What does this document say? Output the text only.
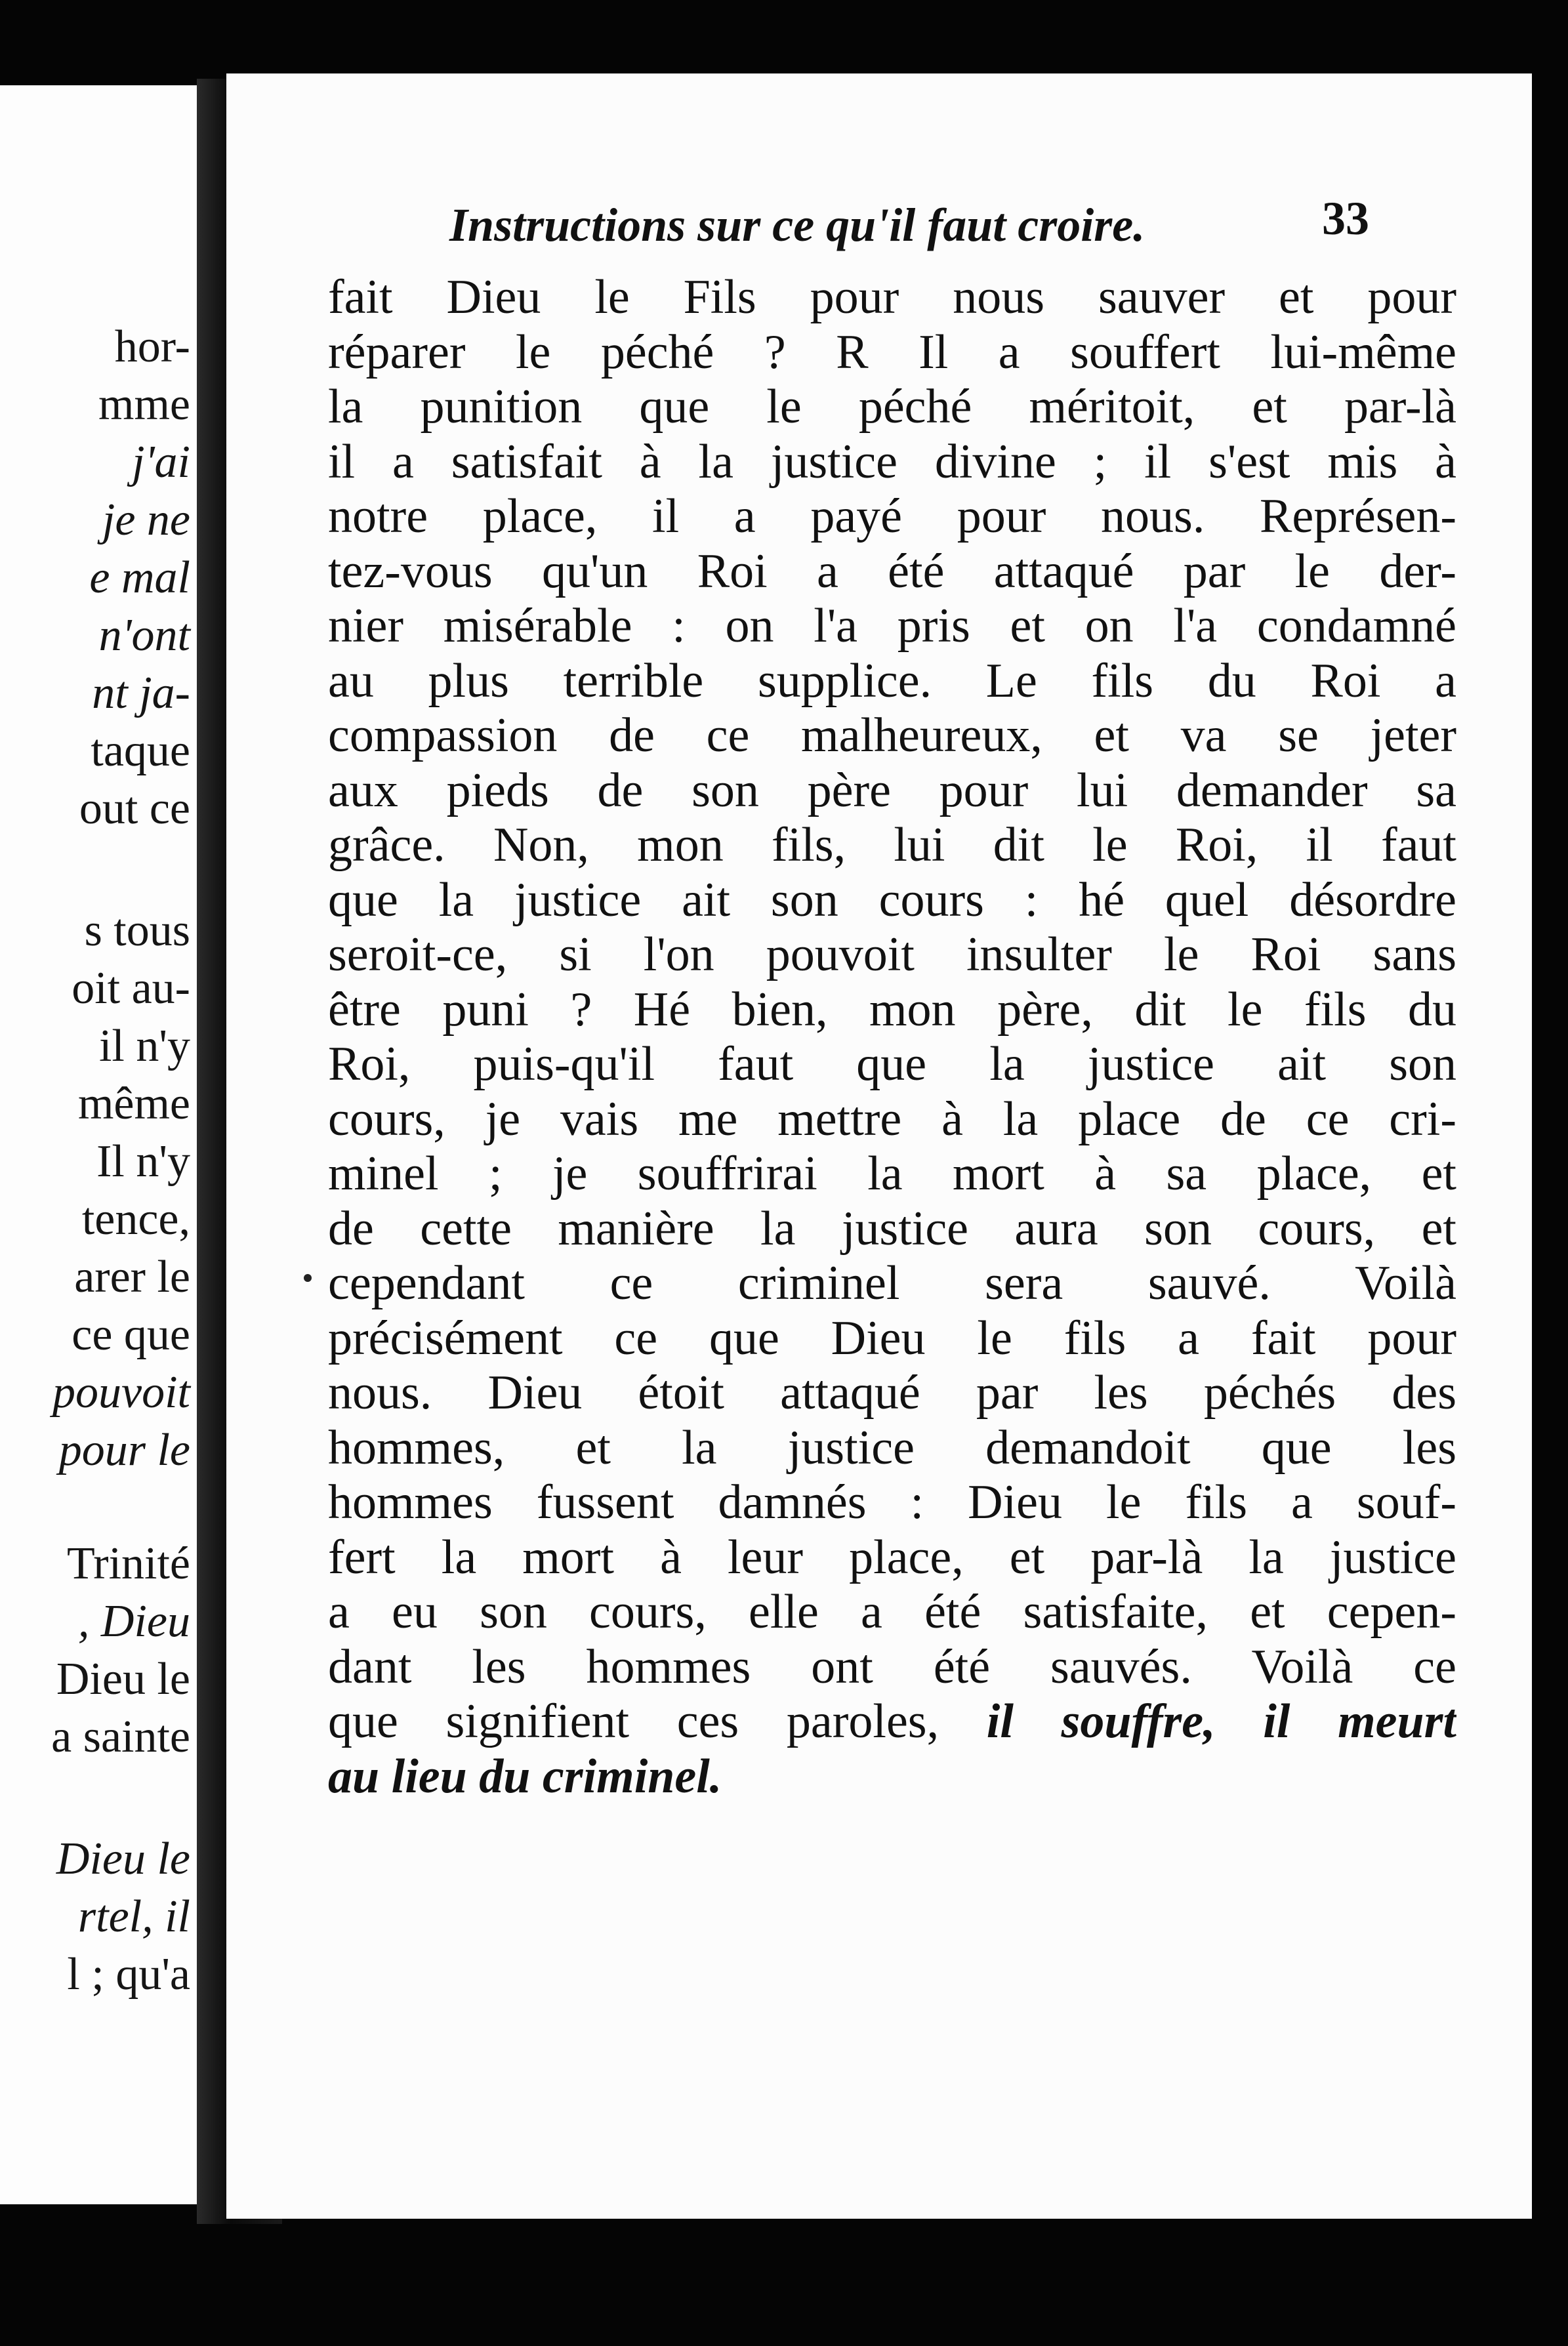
hor-
mme
j'ai
je ne
e mal
n'ont
nt ja-
taque
out ce
s tous
oit au-
il n'y
même
Il n'y
tence,
arer le
ce que
pouvoit
pour le
Trinité
, Dieu
Dieu le
a sainte
Dieu le
rtel, il
l ; qu'a
Instructions sur ce qu'il faut croire.	33
fait Dieu le Fils pour nous sauver et pour
réparer le péché ? R Il a souffert lui-même
la punition que le péché méritoit, et par-là
il a satisfait à la justice divine ; il s'est mis à
notre place, il a payé pour nous. Représen-
tez-vous qu'un Roi a été attaqué par le der-
nier misérable : on l'a pris et on l'a condamné
au plus terrible supplice. Le fils du Roi a
compassion de ce malheureux, et va se jeter
aux pieds de son père pour lui demander sa
grâce. Non, mon fils, lui dit le Roi, il faut
que la justice ait son cours : hé quel désordre
seroit-ce, si l'on pouvoit insulter le Roi sans
être puni ? Hé bien, mon père, dit le fils du
Roi, puis-qu'il faut que la justice ait son
cours, je vais me mettre à la place de ce cri-
minel ; je souffrirai la mort à sa place, et
de cette manière la justice aura son cours, et
cependant ce criminel sera sauvé. Voilà
précisément ce que Dieu le fils a fait pour
nous. Dieu étoit attaqué par les péchés des
hommes, et la justice demandoit que les
hommes fussent damnés : Dieu le fils a souf-
fert la mort à leur place, et par-là la justice
a eu son cours, elle a été satisfaite, et cepen-
dant les hommes ont été sauvés. Voilà ce
que signifient ces paroles, il souffre, il meurt
au lieu du criminel.
